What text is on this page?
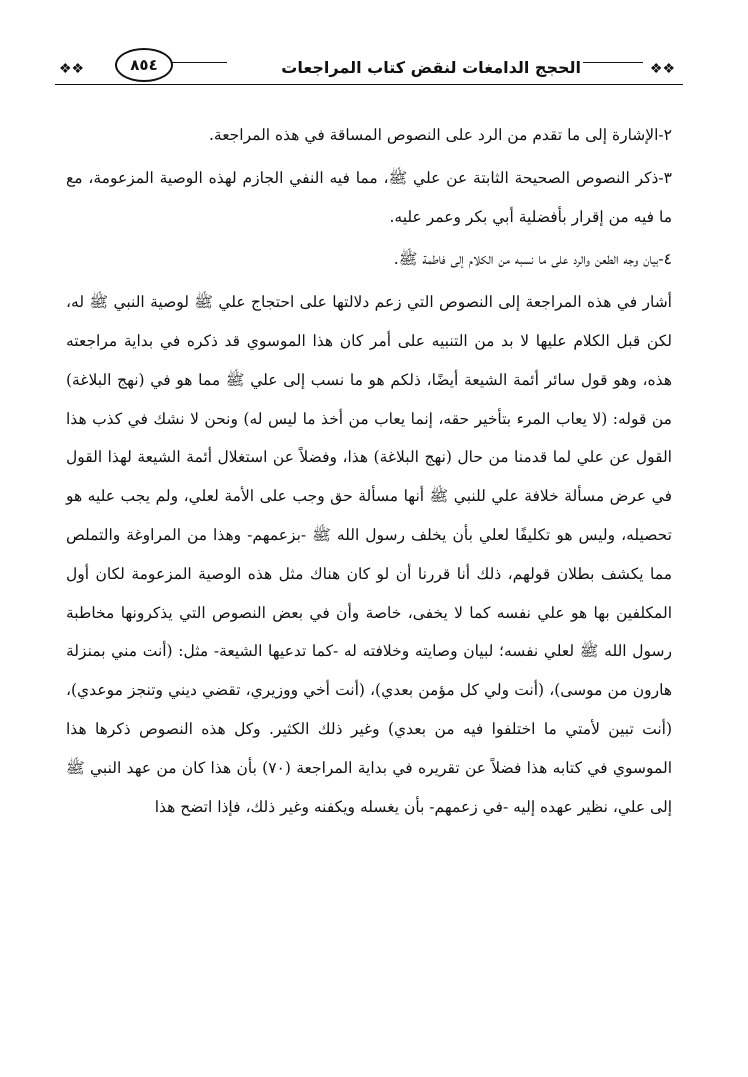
❖❖
الحجج الدامغات لنقض كتاب المراجعات
٨٥٤
❖❖

٢-الإشارة إلى ما تقدم من الرد على النصوص المساقة في هذه المراجعة.

٣-ذكر النصوص الصحيحة الثابتة عن علي ﷺ، مما فيه النفي الجازم لهذه الوصية المزعومة، مع ما فيه من إقرار بأفضلية أبي بكر وعمر عليه.

٤-بيان وجه الطعن والرد على ما نسبه من الكلام إلى فاطمة ﷺ.

أشار في هذه المراجعة إلى النصوص التي زعم دلالتها على احتجاج علي ﷺ لوصية النبي ﷺ له، لكن قبل الكلام عليها لا بد من التنبيه على أمر كان هذا الموسوي قد ذكره في بداية مراجعته هذه، وهو قول سائر أئمة الشيعة أيضًا، ذلكم هو ما نسب إلى علي ﷺ مما هو في (نهج البلاغة) من قوله: (لا يعاب المرء بتأخير حقه، إنما يعاب من أخذ ما ليس له) ونحن لا نشك في كذب هذا القول عن علي لما قدمنا من حال (نهج البلاغة) هذا، وفضلاً عن استغلال أئمة الشيعة لهذا القول في عرض مسألة خلافة علي للنبي ﷺ أنها مسألة حق وجب على الأمة لعلي، ولم يجب عليه هو تحصيله، وليس هو تكليفًا لعلي بأن يخلف رسول الله ﷺ -بزعمهم- وهذا من المراوغة والتملص مما يكشف بطلان قولهم، ذلك أنا قررنا أن لو كان هناك مثل هذه الوصية المزعومة لكان أول المكلفين بها هو علي نفسه كما لا يخفى، خاصة وأن في بعض النصوص التي يذكرونها مخاطبة رسول الله ﷺ لعلي نفسه؛ لبيان وصايته وخلافته له -كما تدعيها الشيعة- مثل: (أنت مني بمنزلة هارون من موسى)، (أنت ولي كل مؤمن بعدي)، (أنت أخي ووزيري، تقضي ديني وتنجز موعدي)، (أنت تبين لأمتي ما اختلفوا فيه من بعدي) وغير ذلك الكثير. وكل هذه النصوص ذكرها هذا الموسوي في كتابه هذا فضلاً عن تقريره في بداية المراجعة (٧٠) بأن هذا كان من عهد النبي ﷺ إلى علي، نظير عهده إليه -في زعمهم- بأن يغسله ويكفنه وغير ذلك، فإذا اتضح هذا
